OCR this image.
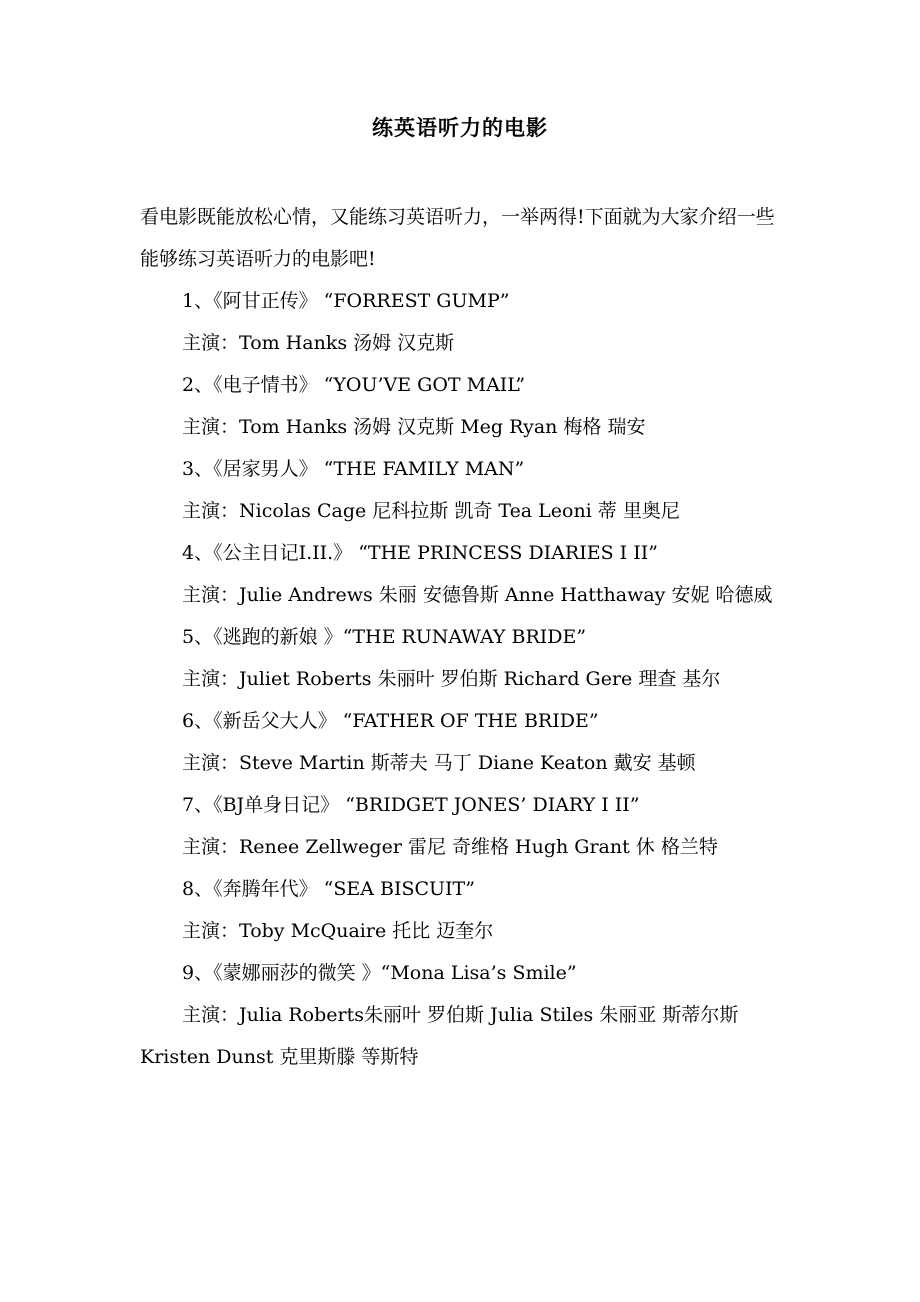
练英语听力的电影

看电影既能放松心情，又能练习英语听力，一举两得!下面就为大家介绍一些能够练习英语听力的电影吧!

1、《阿甘正传》 “FORREST GUMP”

主演：Tom Hanks 汤姆 汉克斯

2、《电子情书》 “YOU’VE GOT MAIL”

主演：Tom Hanks 汤姆 汉克斯 Meg Ryan 梅格 瑞安

3、《居家男人》 “THE FAMILY MAN”

主演：Nicolas Cage 尼科拉斯 凯奇 Tea Leoni 蒂 里奥尼

4、《公主日记I.II.》 “THE PRINCESS DIARIES I II”

主演：Julie Andrews 朱丽 安德鲁斯 Anne Hatthaway 安妮 哈德威

5、《逃跑的新娘 》“THE RUNAWAY BRIDE”

主演：Juliet Roberts 朱丽叶 罗伯斯 Richard Gere 理查 基尔

6、《新岳父大人》 “FATHER OF THE BRIDE”

主演：Steve Martin 斯蒂夫 马丁 Diane Keaton 戴安 基顿

7、《BJ单身日记》 “BRIDGET JONES’ DIARY I II”

主演：Renee Zellweger 雷尼 奇维格 Hugh Grant 休 格兰特

8、《奔腾年代》 “SEA BISCUIT”

主演：Toby McQuaire 托比 迈奎尔

9、《蒙娜丽莎的微笑 》“Mona Lisa’s Smile”

主演：Julia Roberts朱丽叶 罗伯斯 Julia Stiles 朱丽亚 斯蒂尔斯 Kristen Dunst 克里斯滕 等斯特
